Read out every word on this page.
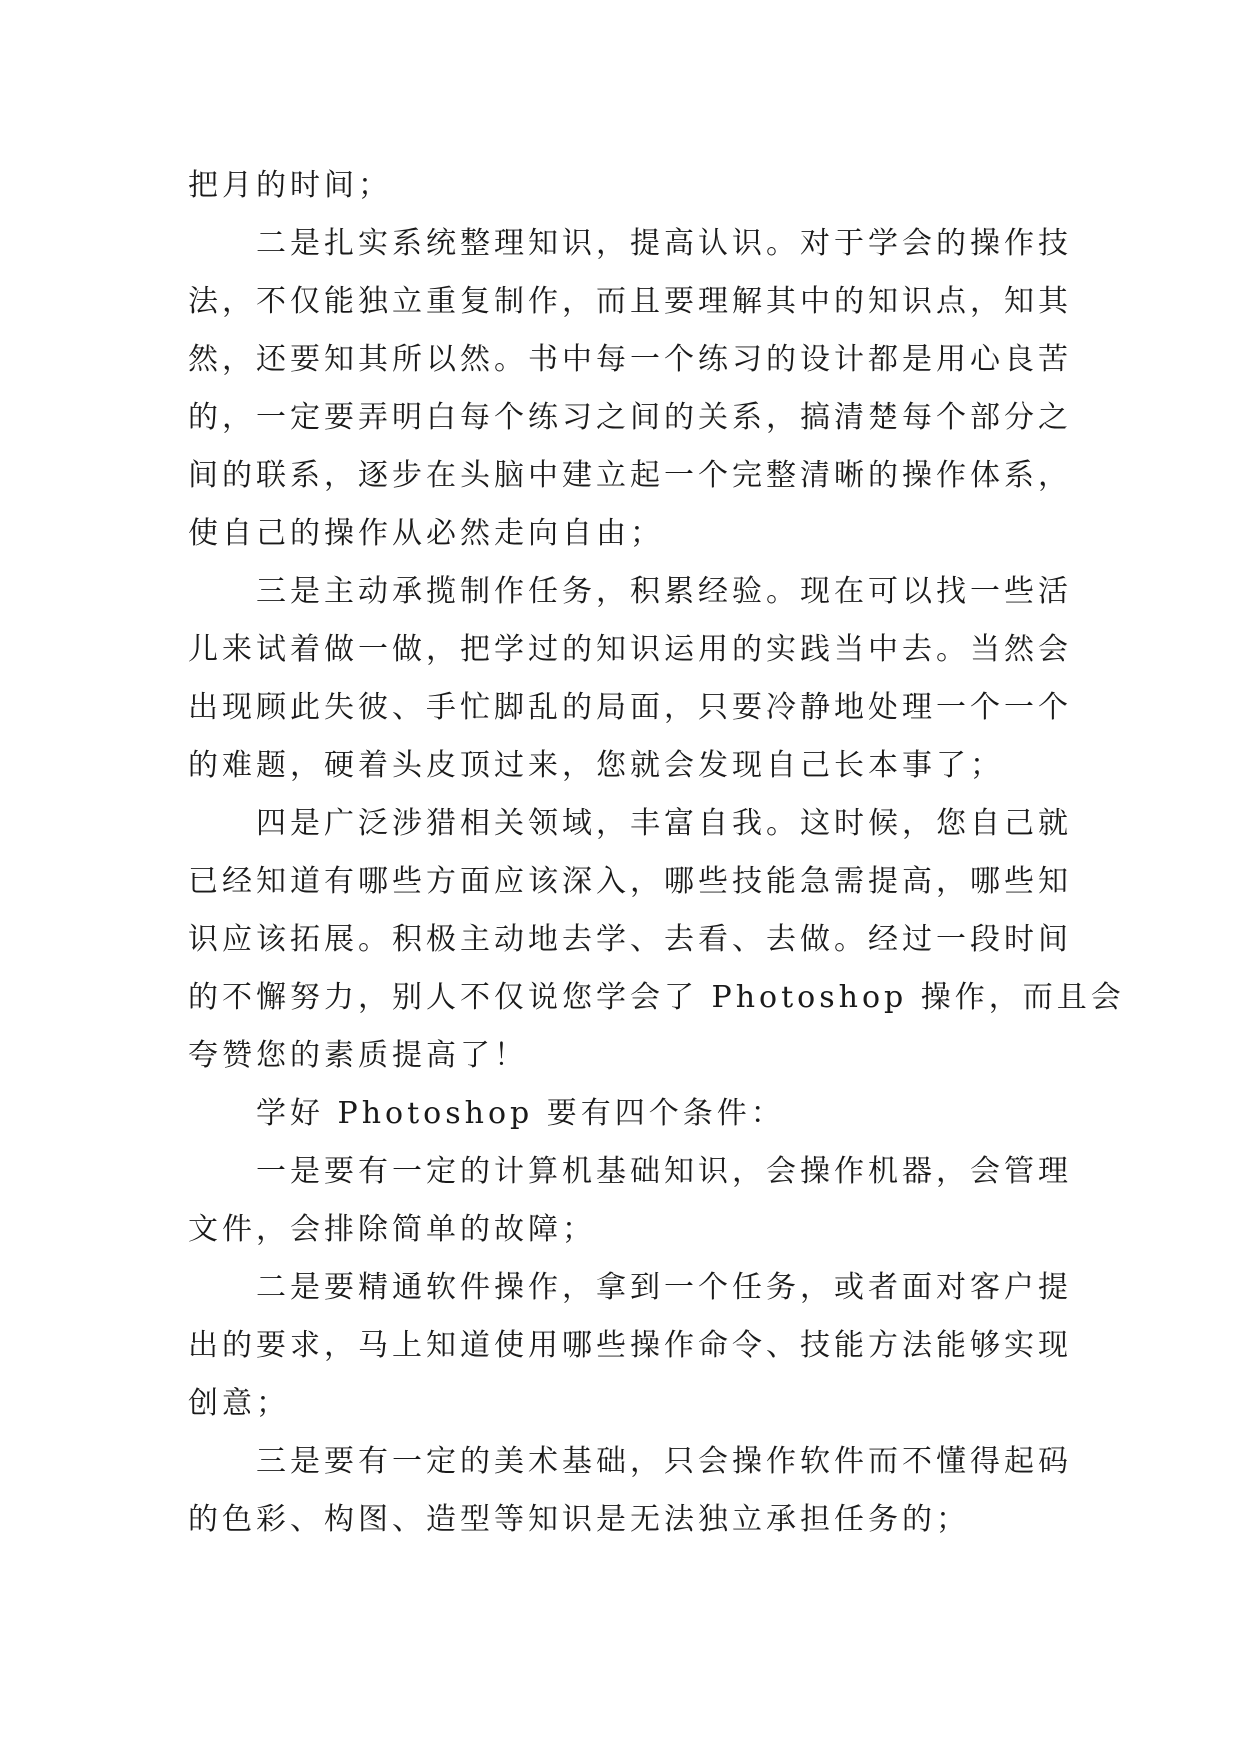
把月的时间；
二是扎实系统整理知识，提高认识。对于学会的操作技
法，不仅能独立重复制作，而且要理解其中的知识点，知其
然，还要知其所以然。书中每一个练习的设计都是用心良苦
的，一定要弄明白每个练习之间的关系，搞清楚每个部分之
间的联系，逐步在头脑中建立起一个完整清晰的操作体系，
使自己的操作从必然走向自由；
三是主动承揽制作任务，积累经验。现在可以找一些活
儿来试着做一做，把学过的知识运用的实践当中去。当然会
出现顾此失彼、手忙脚乱的局面，只要冷静地处理一个一个
的难题，硬着头皮顶过来，您就会发现自己长本事了；
四是广泛涉猎相关领域，丰富自我。这时候，您自己就
已经知道有哪些方面应该深入，哪些技能急需提高，哪些知
识应该拓展。积极主动地去学、去看、去做。经过一段时间
的不懈努力，别人不仅说您学会了 Photoshop 操作，而且会
夸赞您的素质提高了！
学好 Photoshop 要有四个条件：
一是要有一定的计算机基础知识，会操作机器，会管理
文件，会排除简单的故障；
二是要精通软件操作，拿到一个任务，或者面对客户提
出的要求，马上知道使用哪些操作命令、技能方法能够实现
创意；
三是要有一定的美术基础，只会操作软件而不懂得起码
的色彩、构图、造型等知识是无法独立承担任务的；
